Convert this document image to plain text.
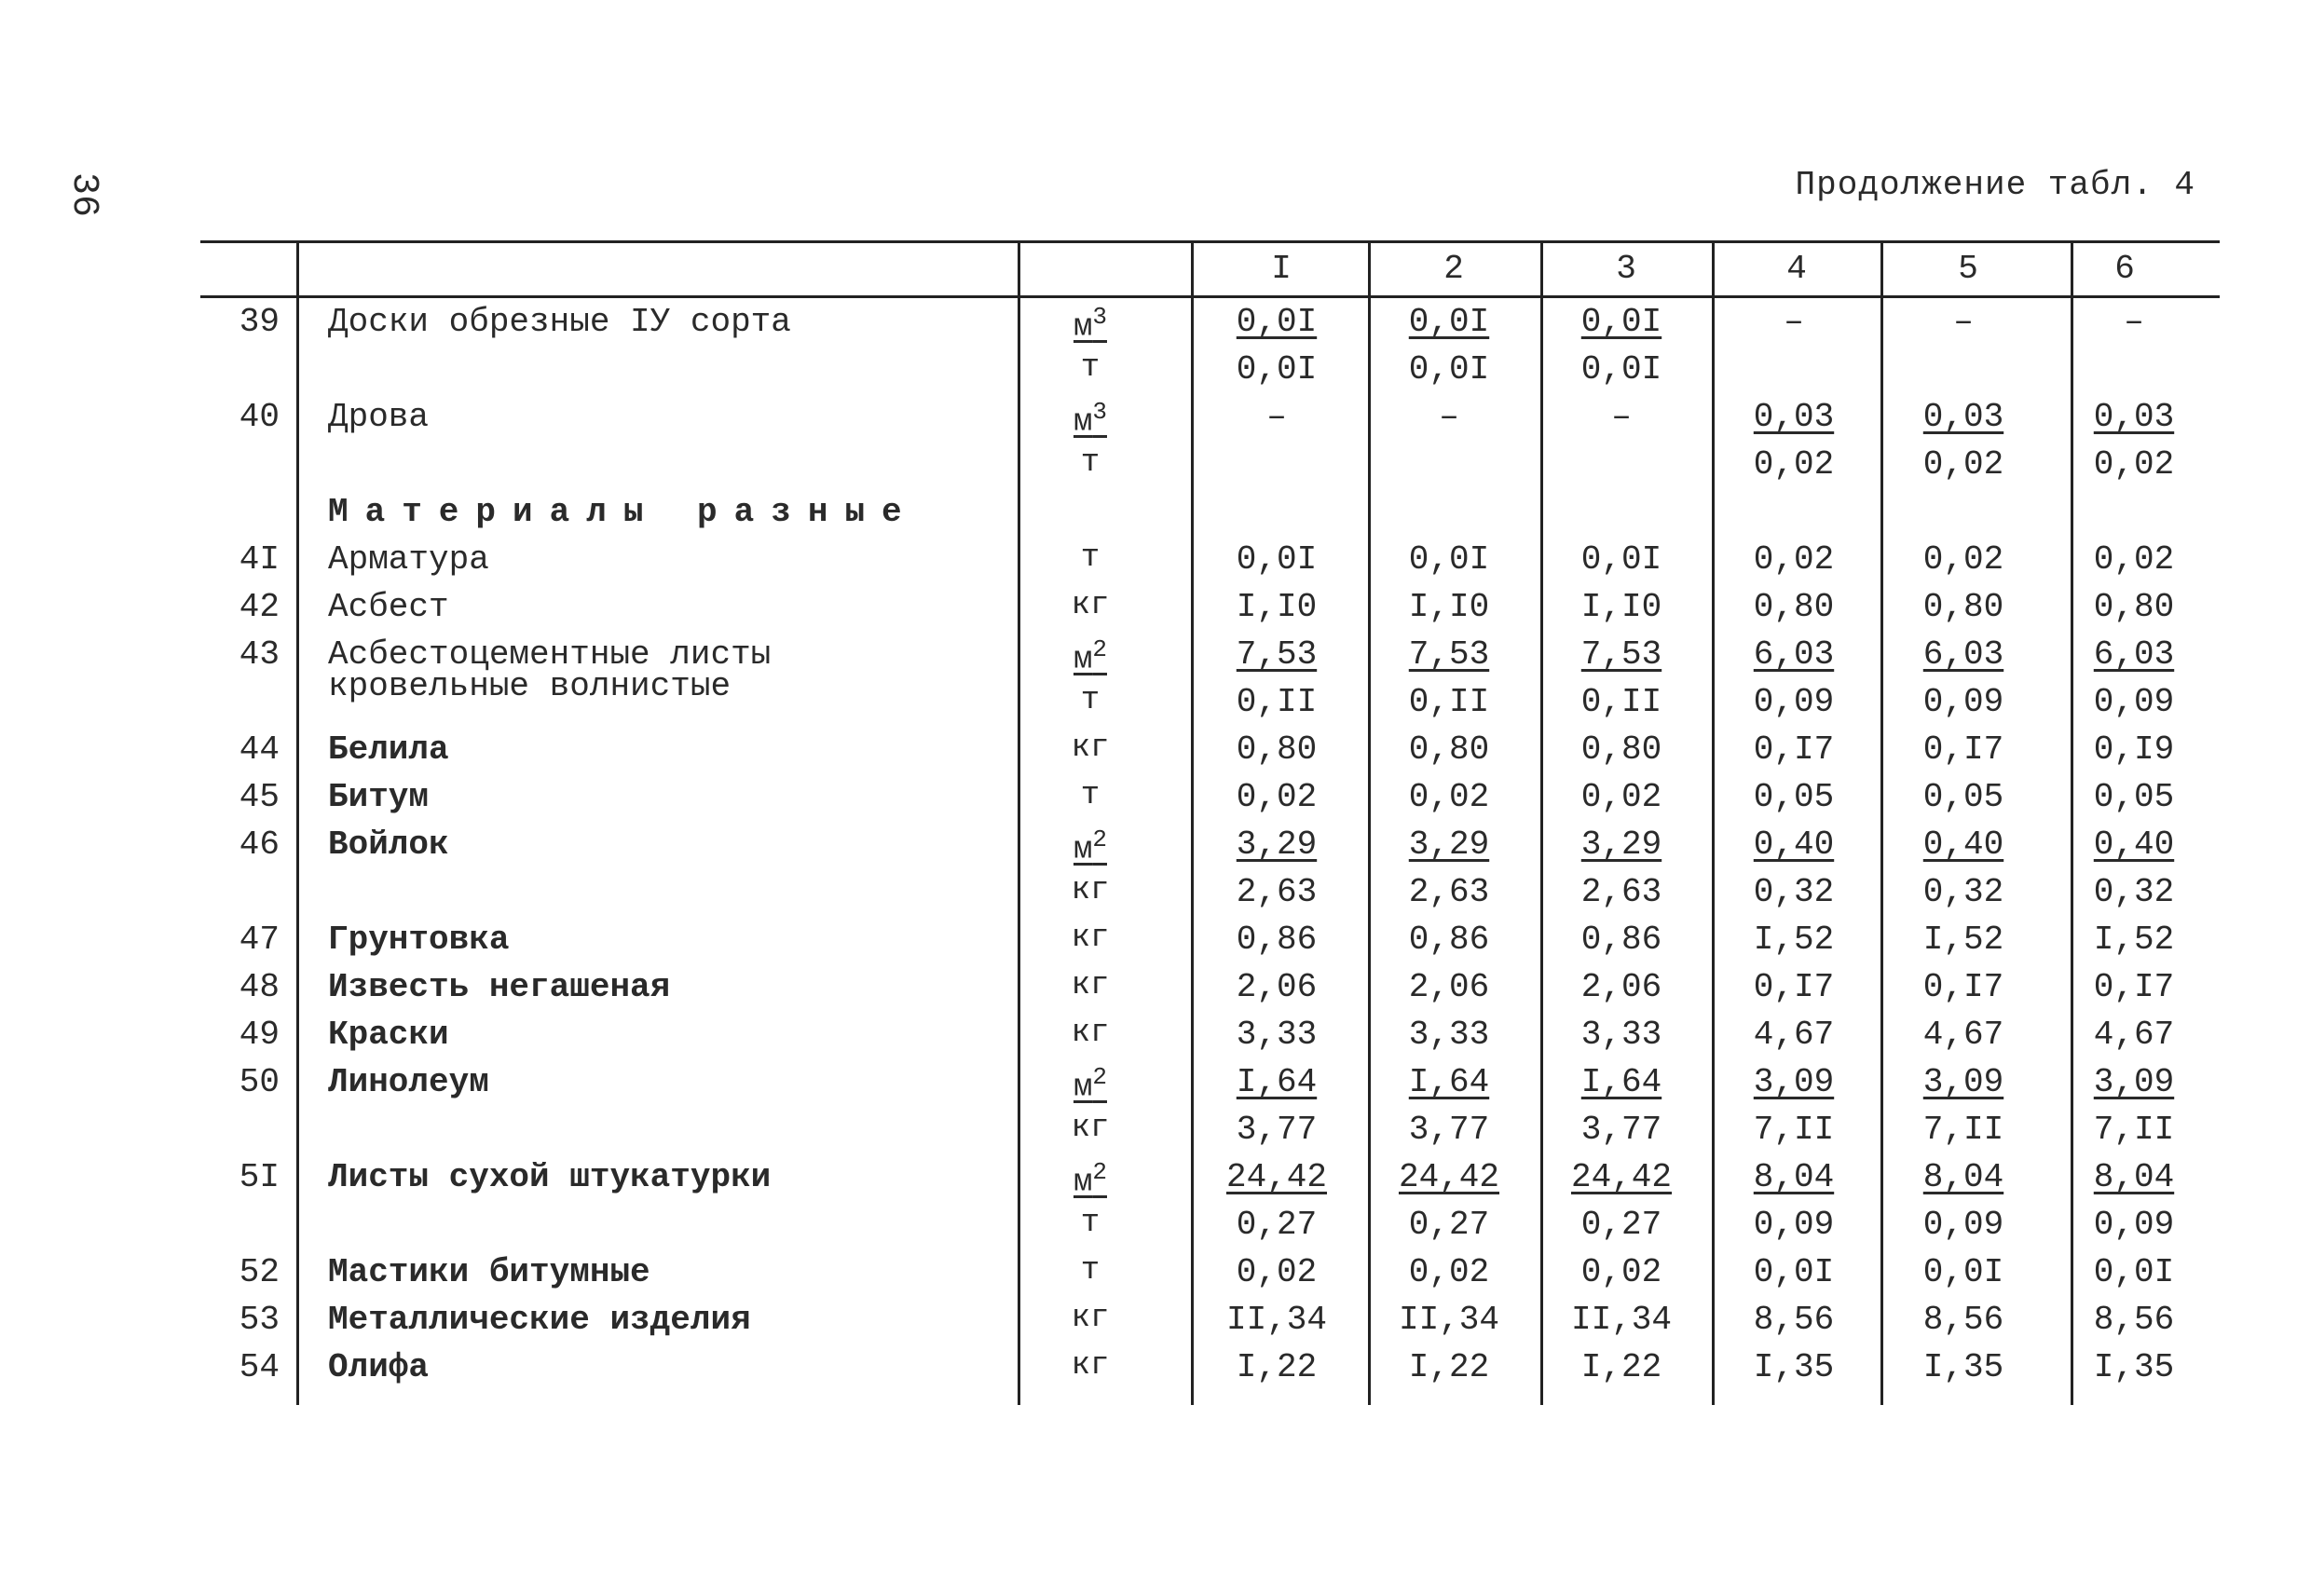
36	Продолжение табл. 4
I	2	3	4	5	6
39 Доски обрезные IУ сорта	$м^3$	0,0I	0,0I	0,0I	–	–	–
т	0,0I	0,0I	0,0I
40 Дрова	$м^3$	–	–	–	0,03	0,03	0,03
т	0,02	0,02	0,02
Материалы разные
4I Арматура	т	0,0I	0,0I	0,0I	0,02	0,02	0,02
42 Асбест	кг	I,I0	I,I0	I,I0	0,80	0,80	0,80
43 Асбестоцементные листы
кровельные волнистые
$м^2$	7,53	7,53	7,53	6,03	6,03	6,03
т	0,II	0,II	0,II	0,09	0,09	0,09
44 Белила	кг	0,80	0,80	0,80	0,I7	0,I7	0,I9
45 Битум	т	0,02	0,02	0,02	0,05	0,05	0,05
46 Войлок	$м^2$	3,29	3,29	3,29	0,40	0,40	0,40
кг	2,63	2,63	2,63	0,32	0,32	0,32
47 Грунтовка	кг	0,86	0,86	0,86	I,52	I,52	I,52
48 Известь негашеная	кг	2,06	2,06	2,06	0,I7	0,I7	0,I7
49 Краски	кг	3,33	3,33	3,33	4,67	4,67	4,67
50 Линолеум	$м^2$	I,64	I,64	I,64	3,09	3,09	3,09
кг	3,77	3,77	3,77	7,II	7,II	7,II
5I Листы сухой штукатурки	$м^2$	24,42	24,42	24,42	8,04	8,04	8,04
т	0,27	0,27	0,27	0,09	0,09	0,09
52 Мастики битумные	т	0,02	0,02	0,02	0,0I	0,0I	0,0I
53 Металлические изделия	кг	II,34	II,34	II,34	8,56	8,56	8,56
54 Олифа	кг	I,22	I,22	I,22	I,35	I,35	I,35
